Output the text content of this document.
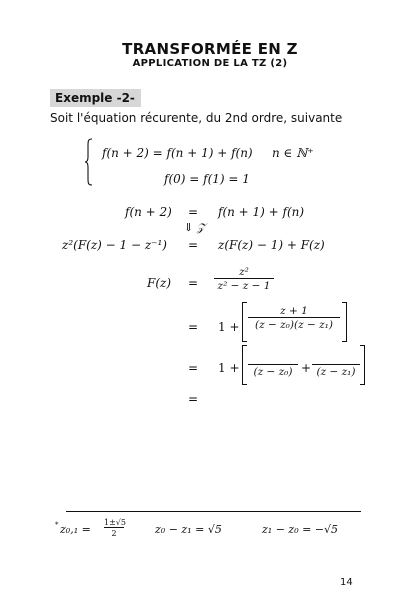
TRANSFORMÉE EN Z
APPLICATION DE LA TZ (2)
Exemple -2-
Soit l'équation récurente, du 2nd ordre, suivante
f(n + 2) = f(n + 1) + f(n) n ∈ ℕ⁺
f(0) = f(1) = 1
f(n + 2) = f(n + 1) + f(n)
⇓ 𝒵
z²(F(z) − 1 − z⁻¹) = z(F(z) − 1) + F(z)
$F(z) = \frac{\text{z²}}{\text{z² − z − 1}}$
= $1 + \frac{z + 1}{\text{(z − z₀)(z − z₁)}}$
= 1 +
	(z − z₀) +
(z − z₁)
=
* $z_0,_1 = \frac{1\pm√5}{2}$	z₀ − z₁ = √5	z₁ − z₀ = −√5
14
